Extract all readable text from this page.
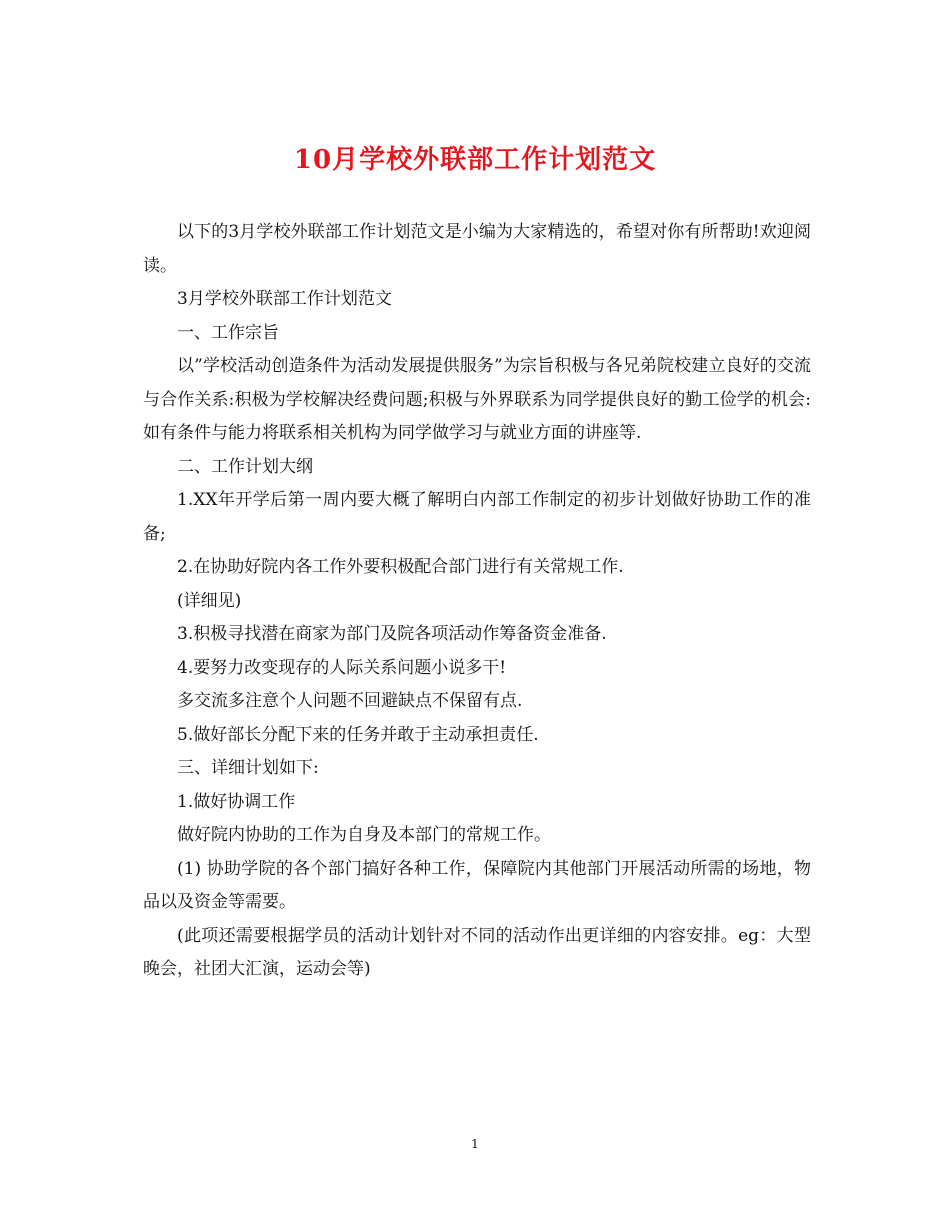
10月学校外联部工作计划范文

以下的3月学校外联部工作计划范文是小编为大家精选的，希望对你有所帮助!欢迎阅读。

3月学校外联部工作计划范文

一、工作宗旨

以”学校活动创造条件为活动发展提供服务”为宗旨积极与各兄弟院校建立良好的交流与合作关系:积极为学校解决经费问题;积极与外界联系为同学提供良好的勤工俭学的机会:如有条件与能力将联系相关机构为同学做学习与就业方面的讲座等.

二、工作计划大纲

1.XX年开学后第一周内要大概了解明白内部工作制定的初步计划做好协助工作的准备;

2.在协助好院内各工作外要积极配合部门进行有关常规工作.

(详细见)

3.积极寻找潜在商家为部门及院各项活动作筹备资金准备.

4.要努力改变现存的人际关系问题小说多干!

多交流多注意个人问题不回避缺点不保留有点.

5.做好部长分配下来的任务并敢于主动承担责任.

三、详细计划如下:

1.做好协调工作

做好院内协助的工作为自身及本部门的常规工作。

(1) 协助学院的各个部门搞好各种工作，保障院内其他部门开展活动所需的场地，物品以及资金等需要。

(此项还需要根据学员的活动计划针对不同的活动作出更详细的内容安排。eg：大型晚会，社团大汇演，运动会等)

1
